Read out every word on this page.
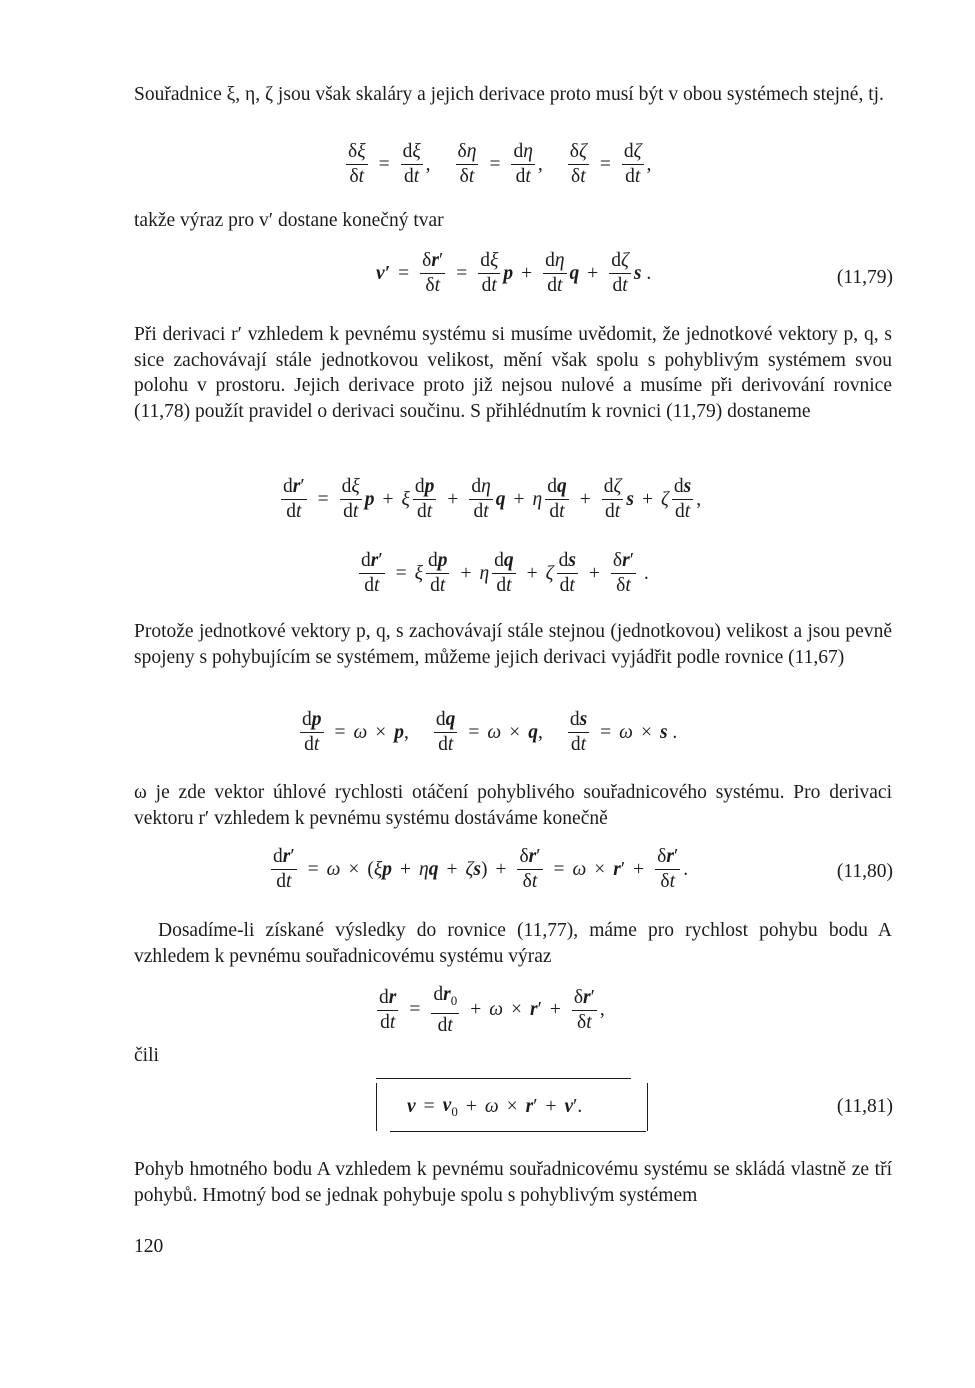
Souřadnice ξ, η, ζ jsou však skaláry a jejich derivace proto musí být v obou systémech stejné, tj.
$\frac{\delta\xi}{\delta t} = \frac{d\xi}{dt}$ , $\frac{\delta\eta}{\delta t} = \frac{d\eta}{dt}$ , $\frac{\delta\zeta}{\delta t} = \frac{d\zeta}{dt}$ ,
takže výraz pro v′ dostane konečný tvar
$v' = \frac{\delta r'}{\delta t} = \frac{d\xi}{dt}$ $p + \frac{d\eta}{dt}$ $q + \frac{d\zeta}{dt}$ s .	(11,79)
Při derivaci r′ vzhledem k pevnému systému si musíme uvědomit, že jednotkové vektory p, q, s sice zachovávají stále jednotkovou velikost, mění však spolu s pohyblivým systémem svou polohu v prostoru. Jejich derivace proto již nejsou nulové a musíme při derivování rovnice (11,78) použít pravidel o derivaci součinu. S přihlédnutím k rovnici (11,79) dostaneme
$\frac{dr'}{dt} = \frac{d\xi}{dt}$ p + ξ $\frac{dp}{dt} + \frac{d\eta}{dt}$ q + η $\frac{dq}{dt} + \frac{d\zeta}{dt}$ s + ζ $\frac{ds}{dt}$ ,
$\frac{dr'}{dt} = \xi \frac{dp}{dt} + \eta \frac{dq}{dt} + \zeta \frac{ds}{dt} + \frac{\delta r'}{\delta t}$ .
Protože jednotkové vektory p, q, s zachovávají stále stejnou (jednotkovou) velikost a jsou pevně spojeny s pohybujícím se systémem, můžeme jejich derivaci vyjádřit podle rovnice (11,67)
$\frac{dp}{dt} = \omega \times p$ , $\frac{dq}{dt} = \omega \times q$ , $\frac{ds}{dt} = \omega \times s$ .
ω je zde vektor úhlové rychlosti otáčení pohyblivého souřadnicového systému. Pro derivaci vektoru r′ vzhledem k pevnému systému dostáváme konečně
$\frac{dr'}{dt} = \omega \times (\xi p + \eta q + \zeta s) + \frac{\delta r'}{\delta t} = \omega \times r$ ′ + $\frac{\delta r'}{\delta t}$ .	(11,80)
Dosadíme-li získané výsledky do rovnice (11,77), máme pro rychlost pohybu bodu A vzhledem k pevnému souřadnicovému systému výraz
$\frac{dr}{dt} = \frac{dr_0}{dt} + \omega \times r$ ′ + $\frac{\delta r'}{\delta t}$ ,
čili
$v = v_0 + \omega \times r$ ′ + v ′.	(11,81)
Pohyb hmotného bodu A vzhledem k pevnému souřadnicovému systému se skládá vlastně ze tří pohybů. Hmotný bod se jednak pohybuje spolu s pohyblivým systémem
120
